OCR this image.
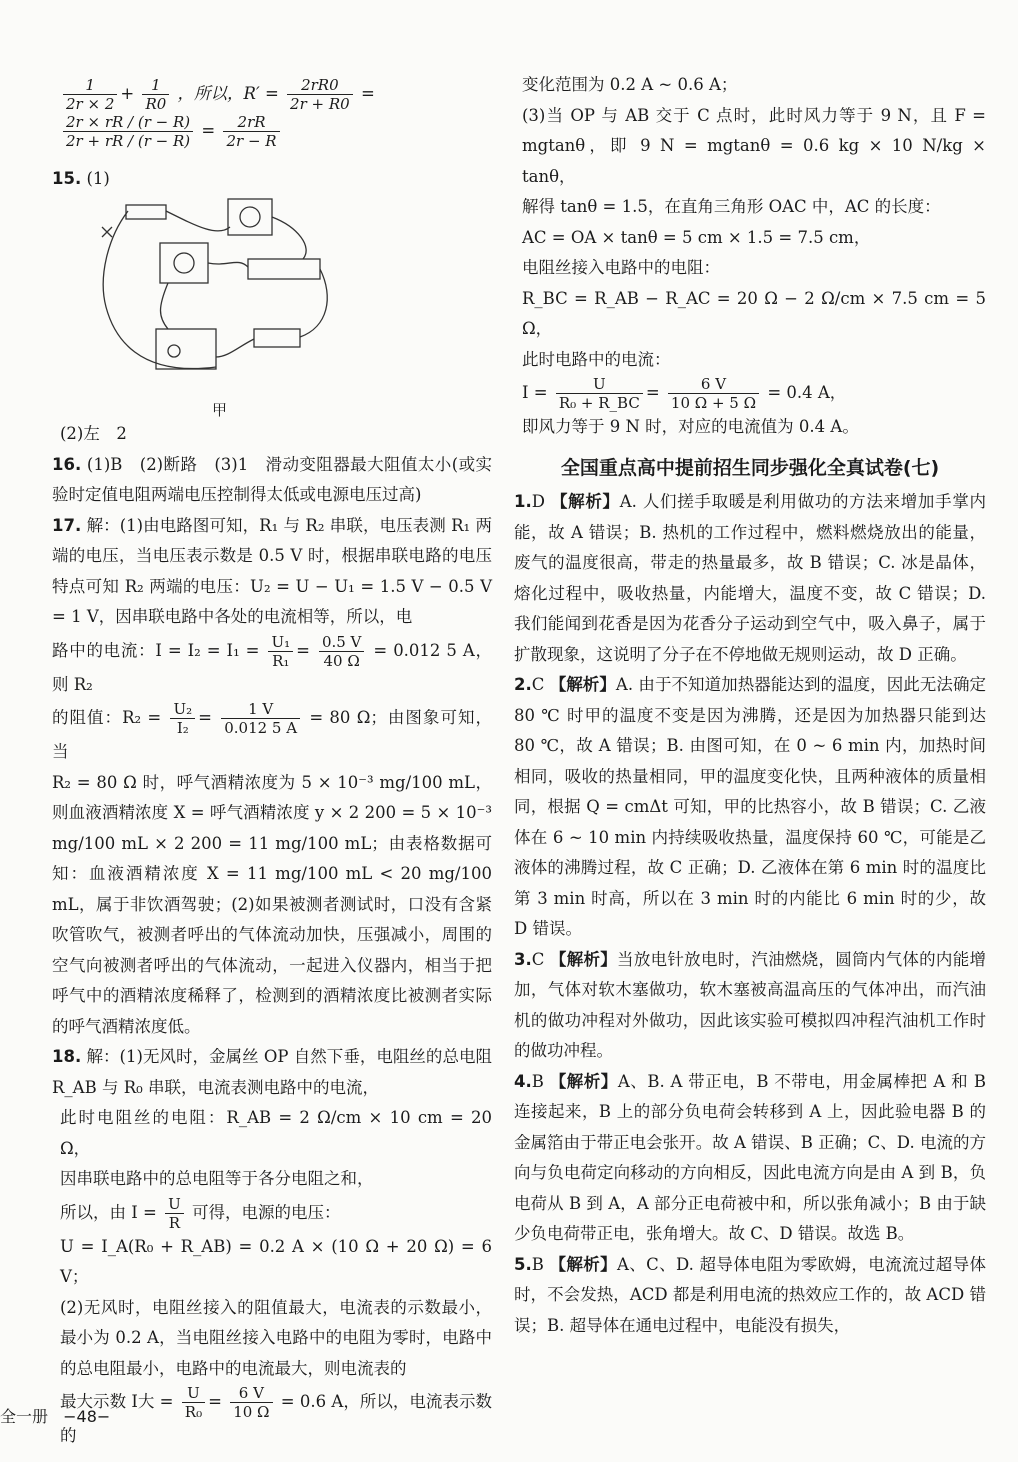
$\frac{1}{2r \times 2} + \frac{1}{R0}$ ，所以，$R' = \frac{2rR0}{2r + R0}$ =
$\frac{2r \times rR / (r - R)}{2r + rR / (r - R)} = \frac{2rR}{2r - R}$

15. (1)

甲

(2)左　2

16. (1)B　(2)断路　(3)1　滑动变阻器最大阻值太小(或实验时定值电阻两端电压控制得太低或电源电压过高)

17. 解：(1)由电路图可知，R₁ 与 R₂ 串联，电压表测 R₁ 两端的电压，当电压表示数是 0.5 V 时，根据串联电路的电压特点可知 R₂ 两端的电压：U₂ = U − U₁ = 1.5 V − 0.5 V = 1 V，因串联电路中各处的电流相等，所以，电

路中的电流：$I = I_2 = I_1 = \frac{\text{U₁}}{\text{R₁}} = \frac{0.5 V}{40 \Omega} = 0.012$ 5 A，则 R₂

的阻值：$R_2 = \frac{\text{U₂}}{\text{I₂}} = \frac{1 V}{0.012 5 A} = 80$ Ω；由图象可知，当

R₂ = 80 Ω 时，呼气酒精浓度为 5 × 10⁻³ mg/100 mL，则血液酒精浓度 X = 呼气酒精浓度 y × 2 200 = 5 × 10⁻³ mg/100 mL × 2 200 = 11 mg/100 mL；由表格数据可知：血液酒精浓度 X = 11 mg/100 mL < 20 mg/100 mL，属于非饮酒驾驶；(2)如果被测者测试时，口没有含紧吹管吹气，被测者呼出的气体流动加快，压强减小，周围的空气向被测者呼出的气体流动，一起进入仪器内，相当于把呼气中的酒精浓度稀释了，检测到的酒精浓度比被测者实际的呼气酒精浓度低。

18. 解：(1)无风时，金属丝 OP 自然下垂，电阻丝的总电阻 R_AB 与 R₀ 串联，电流表测电路中的电流，

此时电阻丝的电阻：R_AB = 2 Ω/cm × 10 cm = 20 Ω，

因串联电路中的总电阻等于各分电阻之和，

所以，由 $I = \frac{U}{R}$ 可得，电源的电压：

U = I_A(R₀ + R_AB) = 0.2 A × (10 Ω + 20 Ω) = 6 V；

(2)无风时，电阻丝接入的阻值最大，电流表的示数最小，最小为 0.2 A，当电阻丝接入电路中的电阻为零时，电路中的总电阻最小，电路中的电流最大，则电流表的

最大示数 I大 = $\frac{U}{\text{R₀}} = \frac{6 V}{10 \Omega} = 0.6$ A，所以，电流表示数的

变化范围为 0.2 A ~ 0.6 A；

(3)当 OP 与 AB 交于 C 点时，此时风力等于 9 N，且 F = mgtanθ，即 9 N = mgtanθ = 0.6 kg × 10 N/kg × tanθ，

解得 tanθ = 1.5，在直角三角形 OAC 中，AC 的长度：

AC = OA × tanθ = 5 cm × 1.5 = 7.5 cm，

电阻丝接入电路中的电阻：

R_BC = R_AB − R_AC = 20 Ω − 2 Ω/cm × 7.5 cm = 5 Ω，

此时电路中的电流：

$I = \frac{U}{\text{R₀ + R\_BC}} = \frac{6 V}{10 \Omega + 5 \Omega} = 0.4$ A，

即风力等于 9 N 时，对应的电流值为 0.4 A。

全国重点高中提前招生同步强化全真试卷(七)

1.D 【解析】A. 人们搓手取暖是利用做功的方法来增加手掌内能，故 A 错误；B. 热机的工作过程中，燃料燃烧放出的能量，废气的温度很高，带走的热量最多，故 B 错误；C. 冰是晶体，熔化过程中，吸收热量，内能增大，温度不变，故 C 错误；D. 我们能闻到花香是因为花香分子运动到空气中，吸入鼻子，属于扩散现象，这说明了分子在不停地做无规则运动，故 D 正确。

2.C 【解析】A. 由于不知道加热器能达到的温度，因此无法确定 80 ℃ 时甲的温度不变是因为沸腾，还是因为加热器只能到达 80 ℃，故 A 错误；B. 由图可知，在 0 ~ 6 min 内，加热时间相同，吸收的热量相同，甲的温度变化快，且两种液体的质量相同，根据 Q = cmΔt 可知，甲的比热容小，故 B 错误；C. 乙液体在 6 ~ 10 min 内持续吸收热量，温度保持 60 ℃，可能是乙液体的沸腾过程，故 C 正确；D. 乙液体在第 6 min 时的温度比第 3 min 时高，所以在 3 min 时的内能比 6 min 时的少，故 D 错误。

3.C 【解析】当放电针放电时，汽油燃烧，圆筒内气体的内能增加，气体对软木塞做功，软木塞被高温高压的气体冲出，而汽油机的做功冲程对外做功，因此该实验可模拟四冲程汽油机工作时的做功冲程。

4.B 【解析】A、B. A 带正电，B 不带电，用金属棒把 A 和 B 连接起来，B 上的部分负电荷会转移到 A 上，因此验电器 B 的金属箔由于带正电会张开。故 A 错误、B 正确；C、D. 电流的方向与负电荷定向移动的方向相反，因此电流方向是由 A 到 B，负电荷从 B 到 A，A 部分正电荷被中和，所以张角减小；B 由于缺少负电荷带正电，张角增大。故 C、D 错误。故选 B。

5.B 【解析】A、C、D. 超导体电阻为零欧姆，电流流过超导体时，不会发热，ACD 都是利用电流的热效应工作的，故 ACD 错误；B. 超导体在通电过程中，电能没有损失，

全一册 −48−
